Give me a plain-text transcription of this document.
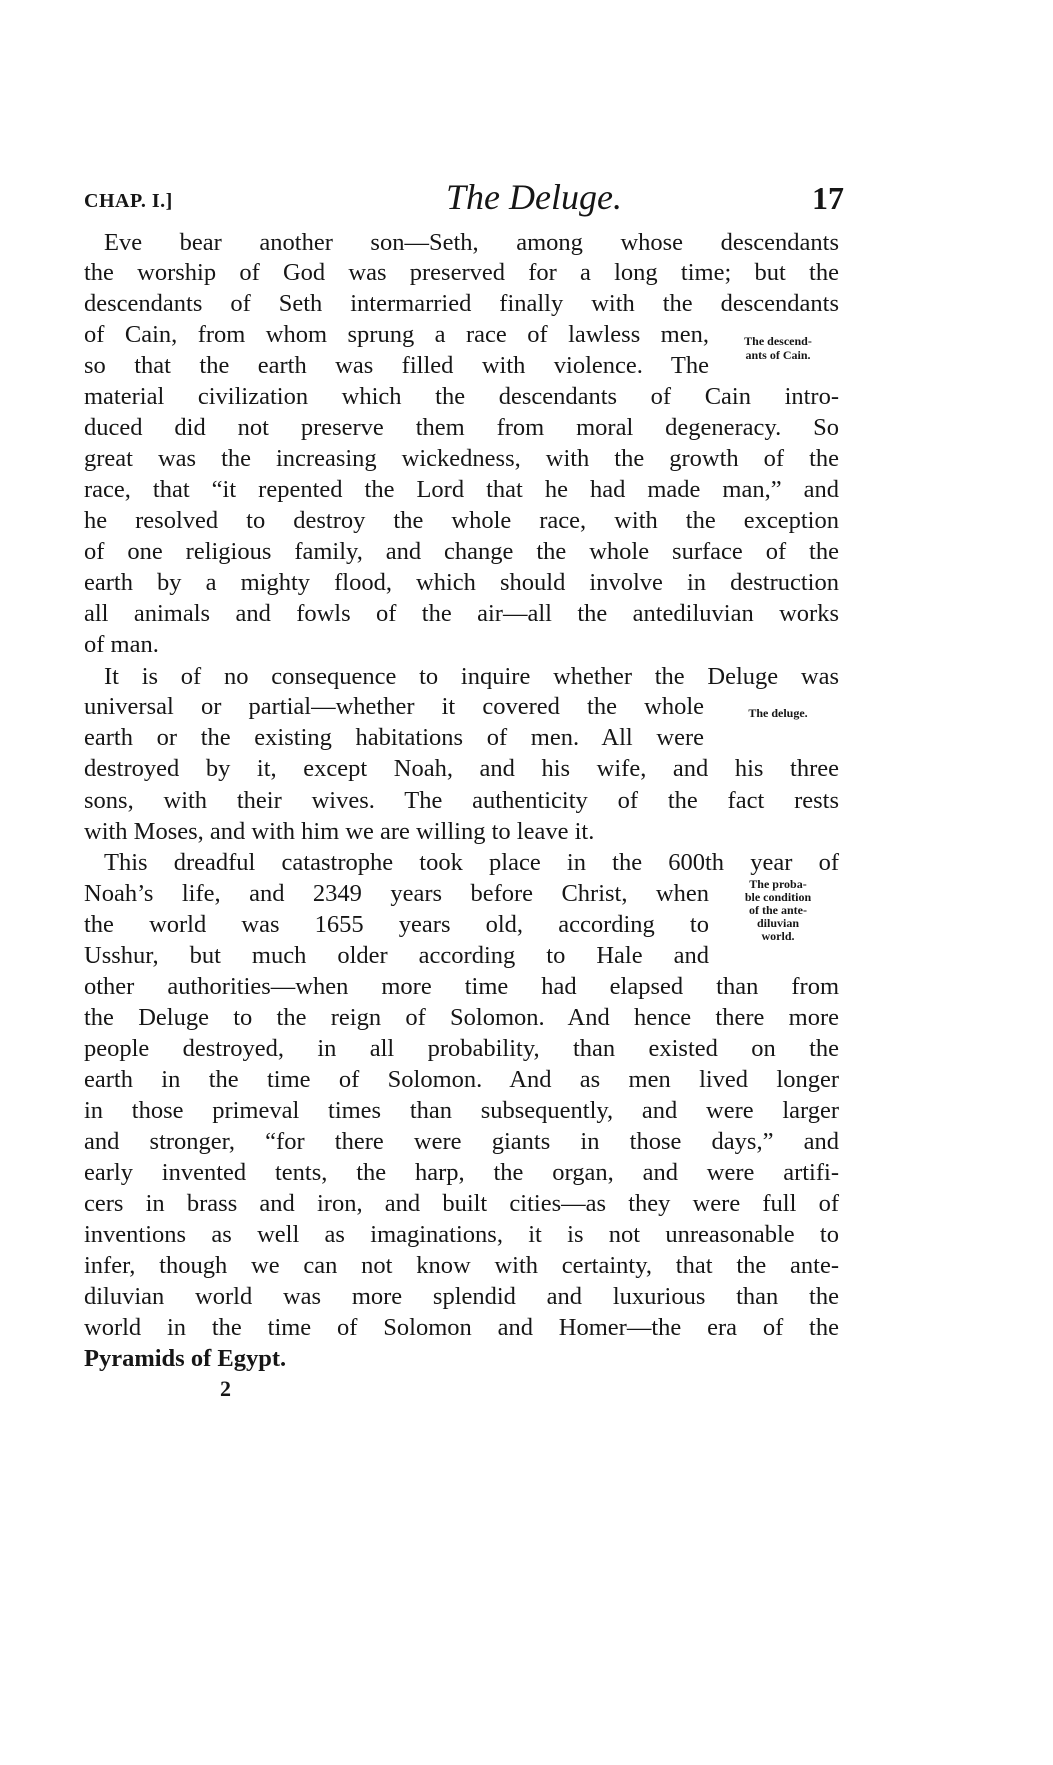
CHAP. I.]	The Deluge.	17
Eve bear another son—Seth, among whose descendants
the worship of God was preserved for a long time; but the
descendants of Seth intermarried finally with the descendants
of Cain, from whom sprung a race of lawless men,
so that the earth was filled with violence. The
material civilization which the descendants of Cain intro-
duced did not preserve them from moral degeneracy. So
great was the increasing wickedness, with the growth of the
race, that “it repented the Lord that he had made man,” and
he resolved to destroy the whole race, with the exception
of one religious family, and change the whole surface of the
earth by a mighty flood, which should involve in destruction
all animals and fowls of the air—all the antediluvian works
of man.
It is of no consequence to inquire whether the Deluge was
universal or partial—whether it covered the whole
earth or the existing habitations of men. All were
destroyed by it, except Noah, and his wife, and his three
sons, with their wives. The authenticity of the fact rests
with Moses, and with him we are willing to leave it.
This dreadful catastrophe took place in the 600th year of
Noah’s life, and 2349 years before Christ, when
the world was 1655 years old, according to
Usshur, but much older according to Hale and
other authorities—when more time had elapsed than from
the Deluge to the reign of Solomon. And hence there more
people destroyed, in all probability, than existed on the
earth in the time of Solomon. And as men lived longer
in those primeval times than subsequently, and were larger
and stronger, “for there were giants in those days,” and
early invented tents, the harp, the organ, and were artifi-
cers in brass and iron, and built cities—as they were full of
inventions as well as imaginations, it is not unreasonable to
infer, though we can not know with certainty, that the ante-
diluvian world was more splendid and luxurious than the
world in the time of Solomon and Homer—the era of the
Pyramids of Egypt.
The descend-
ants of Cain.
The deluge.
The proba-
ble condition
of the ante-
diluvian
world.
2
